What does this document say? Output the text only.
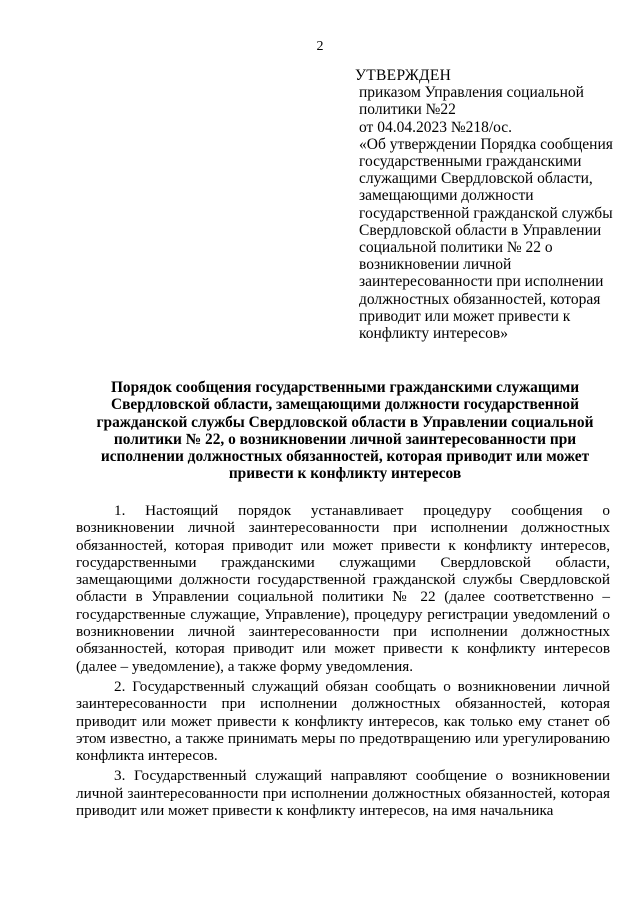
2
УТВЕРЖДЕН
приказом Управления социальной
политики №22
от 04.04.2023 №218/ос.
«Об утверждении Порядка сообщения государственными гражданскими служащими Свердловской области, замещающими должности государственной гражданской службы Свердловской области в Управлении социальной политики № 22 о возникновении личной заинтересованности при исполнении должностных обязанностей, которая приводит или может привести к конфликту интересов»
Порядок сообщения государственными гражданскими служащими Свердловской области, замещающими должности государственной гражданской службы Свердловской области в Управлении социальной политики № 22, о возникновении личной заинтересованности при исполнении должностных обязанностей, которая приводит или может привести к конфликту интересов

1. Настоящий порядок устанавливает процедуру сообщения о возникновении личной заинтересованности при исполнении должностных обязанностей, которая приводит или может привести к конфликту интересов, государственными гражданскими служащими Свердловской области, замещающими должности государственной гражданской службы Свердловской области в Управлении социальной политики № 22 (далее соответственно – государственные служащие, Управление), процедуру регистрации уведомлений о возникновении личной заинтересованности при исполнении должностных обязанностей, которая приводит или может привести к конфликту интересов (далее – уведомление), а также форму уведомления.

2. Государственный служащий обязан сообщать о возникновении личной заинтересованности при исполнении должностных обязанностей, которая приводит или может привести к конфликту интересов, как только ему станет об этом известно, а также принимать меры по предотвращению или урегулированию конфликта интересов.

3. Государственный служащий направляют сообщение о возникновении личной заинтересованности при исполнении должностных обязанностей, которая приводит или может привести к конфликту интересов, на имя начальника
